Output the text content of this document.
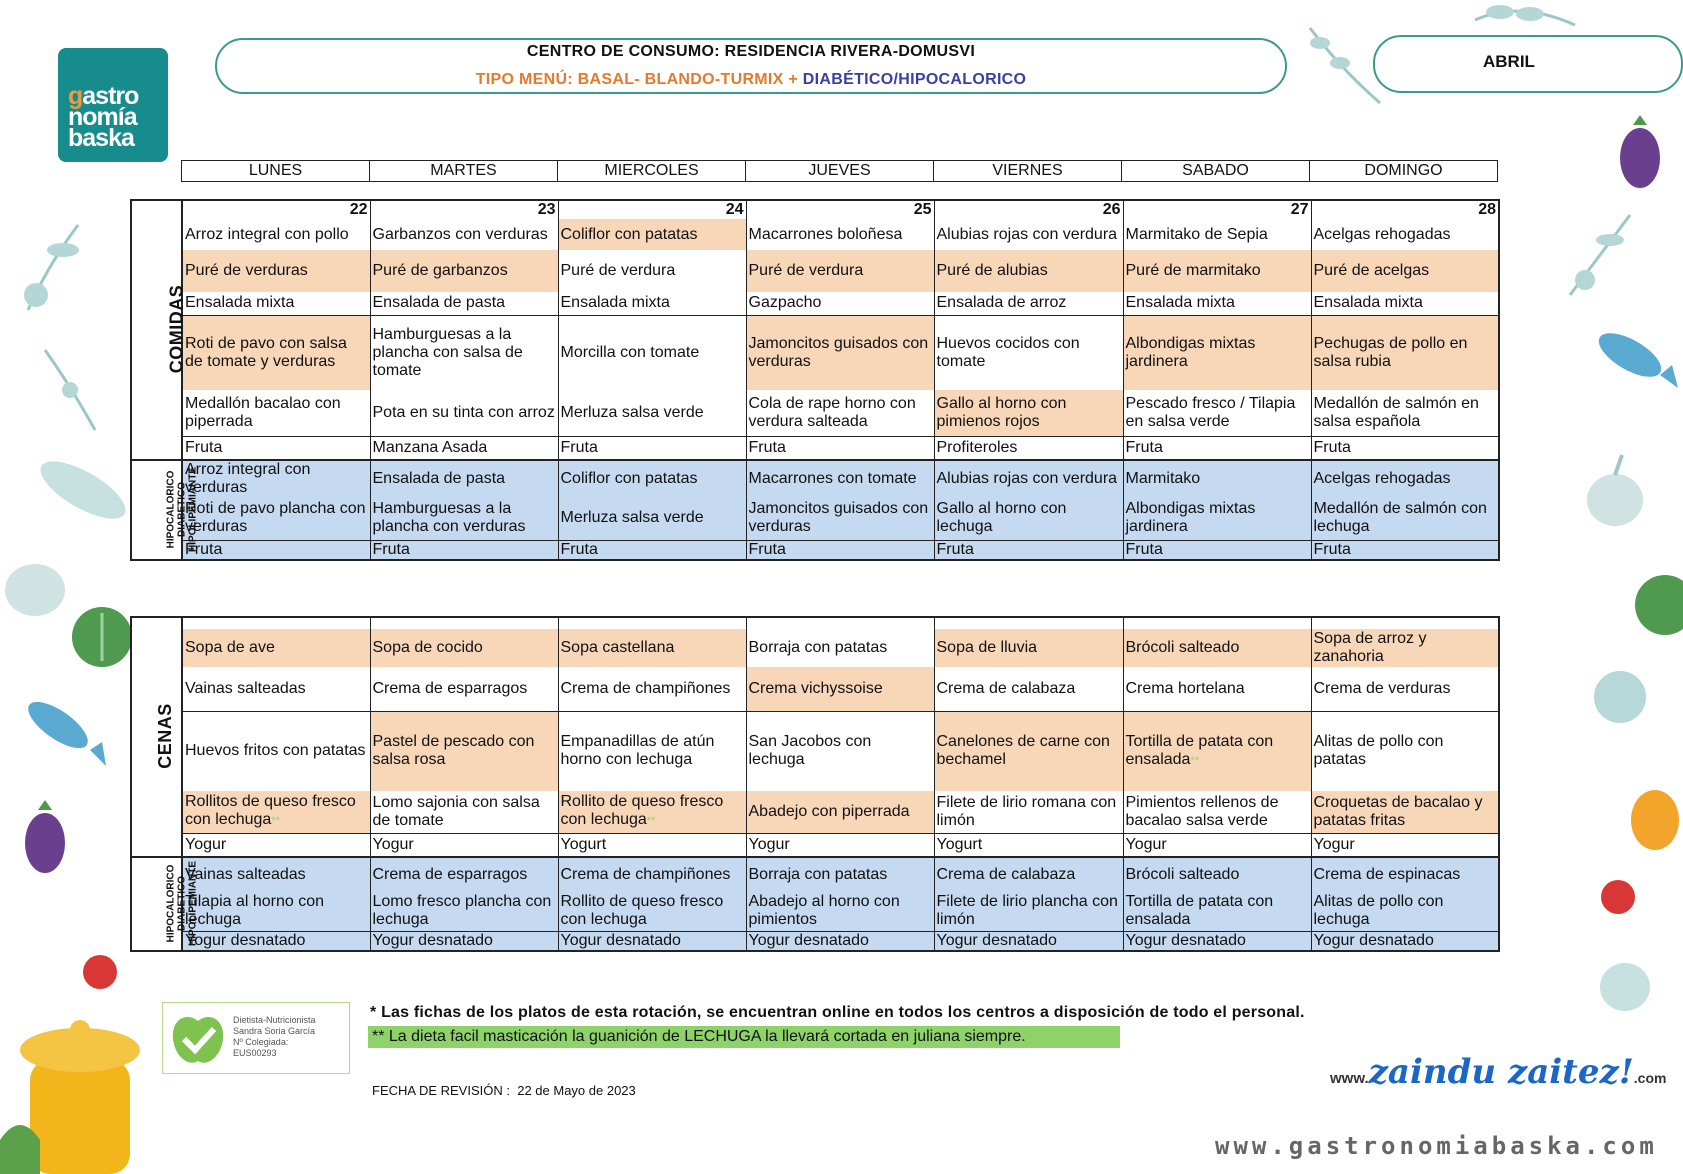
gastro
nomía
baska
CENTRO DE CONSUMO: RESIDENCIA RIVERA-DOMUSVI
TIPO MENÚ: BASAL- BLANDO-TURMIX + DIABÉTICO/HIPOCALORICO
ABRIL
LUNES	MARTES	MIERCOLES	JUEVES	VIERNES	SABADO	DOMINGO
COMIDAS	22	23	24	25	26	27	28
	Arroz integral con pollo	Garbanzos con verduras	Coliflor con patatas	Macarrones boloñesa	Alubias rojas con verdura	Marmitako de Sepia	Acelgas rehogadas
	Puré de verduras	Puré de garbanzos	Puré de verdura	Puré de verdura	Puré de alubias	Puré de marmitako	Puré de acelgas
	Ensalada mixta	Ensalada de pasta	Ensalada mixta	Gazpacho	Ensalada de arroz	Ensalada mixta	Ensalada mixta
	Roti de pavo con salsa de tomate y verduras	Hamburguesas a la plancha con salsa de tomate	Morcilla con tomate	Jamoncitos guisados con verduras	Huevos cocidos con tomate	Albondigas mixtas jardinera	Pechugas de pollo en salsa rubia
	Medallón bacalao con piperrada	Pota en su tinta con arroz	Merluza salsa verde	Cola de rape horno con verdura salteada	Gallo al horno con pimienos rojos	Pescado fresco / Tilapia en salsa verde	Medallón de salmón en salsa española
	Fruta	Manzana Asada	Fruta	Fruta	Profiteroles	Fruta	Fruta
HIPOCALORICO DIABETICO HIPOLIPEMIANTE	Arroz integral con verduras	Ensalada de pasta	Coliflor con patatas	Macarrones con tomate	Alubias rojas con verdura	Marmitako	Acelgas rehogadas
	Roti de pavo plancha con verduras	Hamburguesas a la plancha con verduras	Merluza salsa verde	Jamoncitos guisados con verduras	Gallo al horno con lechuga	Albondigas mixtas jardinera	Medallón de salmón con lechuga
	Fruta	Fruta	Fruta	Fruta	Fruta	Fruta	Fruta
CENAS							
	Sopa de ave	Sopa de cocido	Sopa castellana	Borraja con patatas	Sopa de lluvia	Brócoli salteado	Sopa de arroz y zanahoria
	Vainas salteadas	Crema de esparragos	Crema de champiñones	Crema vichyssoise	Crema de calabaza	Crema hortelana	Crema de verduras
	Huevos fritos con patatas	Pastel de pescado con salsa rosa	Empanadillas de atún horno con lechuga	San Jacobos con lechuga	Canelones de carne con bechamel	Tortilla de patata con ensalada**	Alitas de pollo con patatas
	Rollitos de queso fresco con lechuga**	Lomo sajonia con salsa de tomate	Rollito de queso fresco con lechuga**	Abadejo con piperrada	Filete de lirio romana con limón	Pimientos rellenos de bacalao salsa verde	Croquetas de bacalao y patatas fritas
	Yogur	Yogur	Yogurt	Yogur	Yogurt	Yogur	Yogur
HIPOCALORICO DIABETICO HIPOLIPEMIANTE	Vainas salteadas	Crema de esparragos	Crema de champiñones	Borraja con patatas	Crema de calabaza	Brócoli salteado	Crema de espinacas
	Tilapia al horno con lechuga	Lomo fresco plancha con lechuga	Rollito de queso fresco con lechuga	Abadejo al horno con pimientos	Filete de lirio plancha con limón	Tortilla de patata con ensalada	Alitas de pollo con lechuga
	Yogur desnatado	Yogur desnatado	Yogur desnatado	Yogur desnatado	Yogur desnatado	Yogur desnatado	Yogur desnatado
Dietista-Nutricionista
Sandra Soria García
Nº Colegiada:
EUS00293
* Las fichas de los platos de esta rotación, se encuentran online en todos los centros a disposición de todo el personal.
** La dieta facil masticación la guanición de LECHUGA la llevará cortada en juliana siempre.
FECHA DE REVISIÓN : 22 de Mayo de 2023
www.zaindu zaitez!.com
www.gastronomiabaska.com
